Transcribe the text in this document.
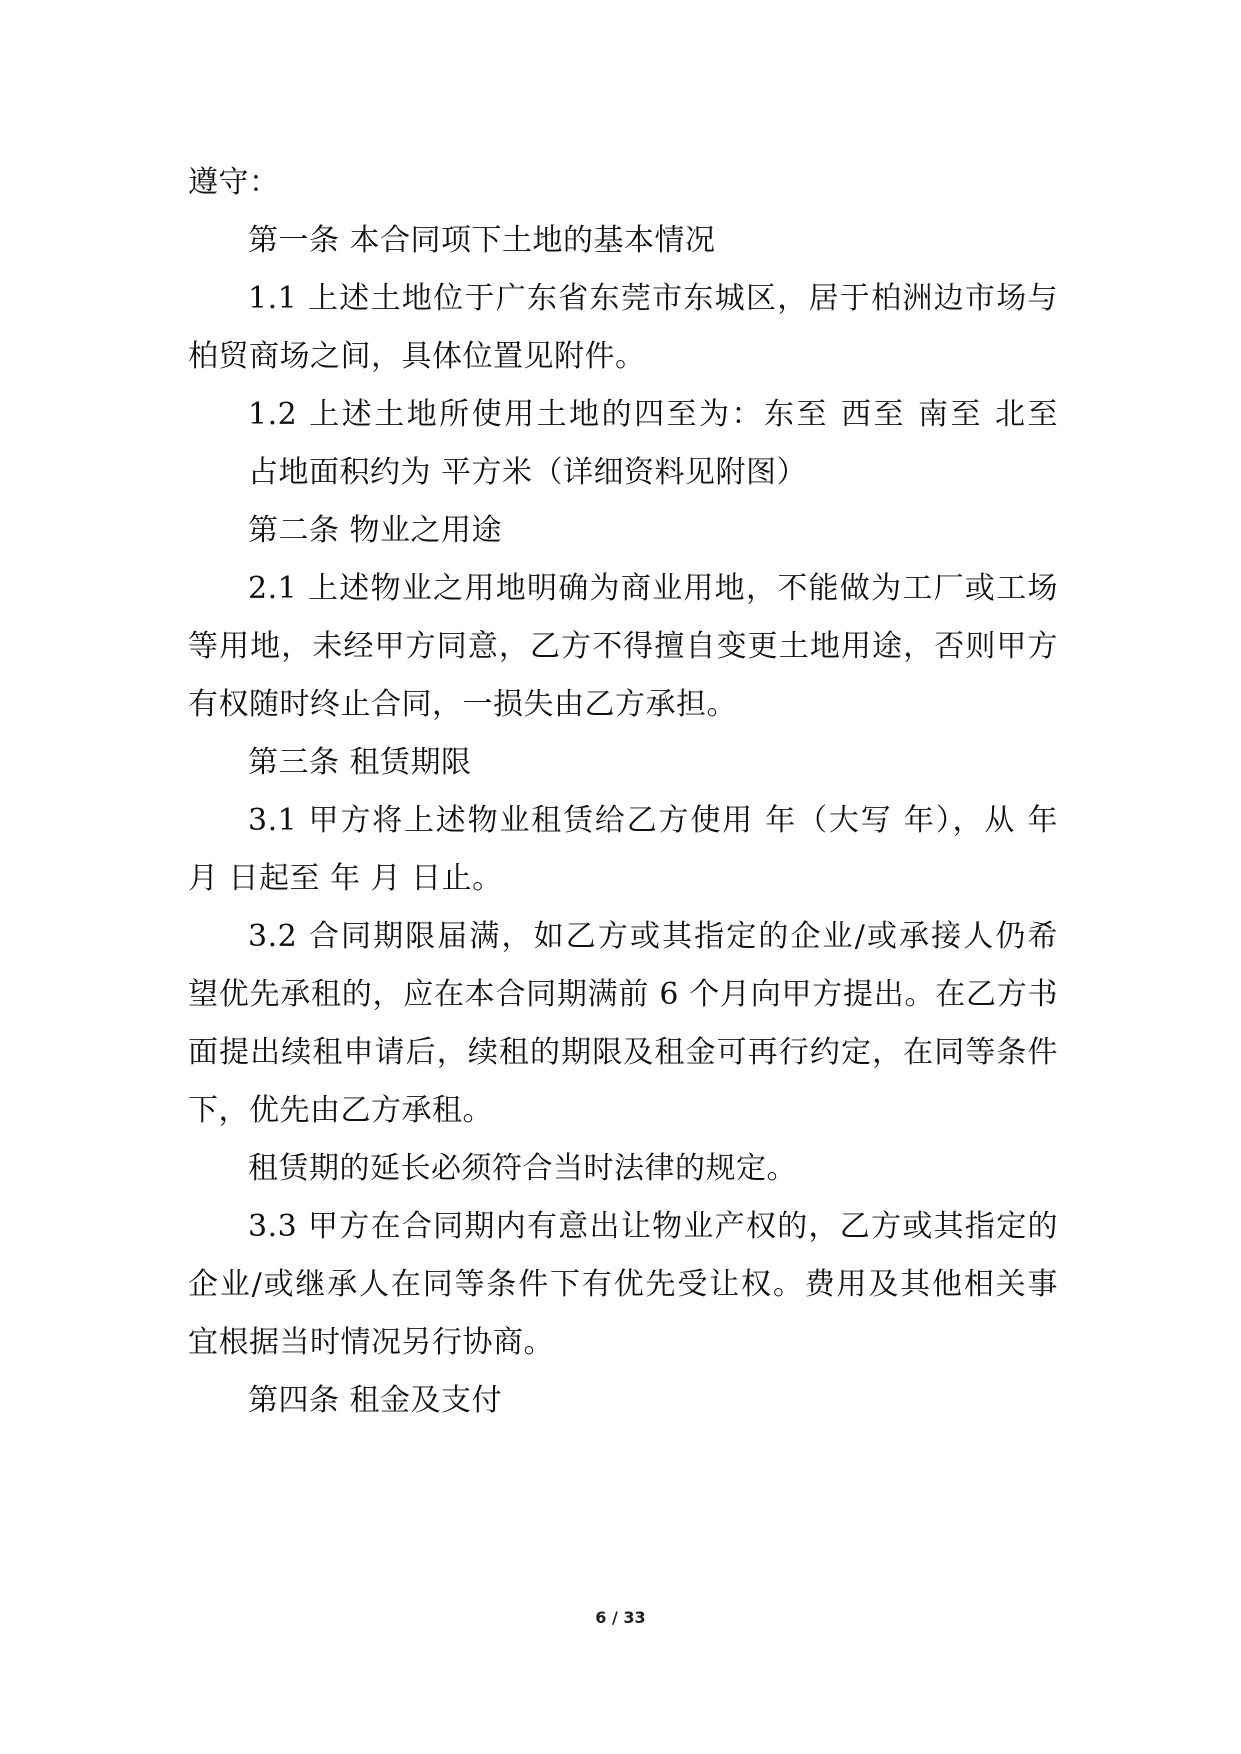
遵守：
第一条 本合同项下土地的基本情况
1.1 上述土地位于广东省东莞市东城区，居于柏洲边市场与
柏贸商场之间，具体位置见附件。
1.2 上述土地所使用土地的四至为：东至 西至 南至 北至
占地面积约为 平方米（详细资料见附图）
第二条 物业之用途
2.1 上述物业之用地明确为商业用地，不能做为工厂或工场
等用地，未经甲方同意，乙方不得擅自变更土地用途，否则甲方
有权随时终止合同，一损失由乙方承担。
第三条 租赁期限
3.1 甲方将上述物业租赁给乙方使用 年（大写 年），从 年
月 日起至 年 月 日止。
3.2 合同期限届满，如乙方或其指定的企业/或承接人仍希
望优先承租的，应在本合同期满前 6 个月向甲方提出。在乙方书
面提出续租申请后，续租的期限及租金可再行约定，在同等条件
下，优先由乙方承租。
租赁期的延长必须符合当时法律的规定。
3.3 甲方在合同期内有意出让物业产权的，乙方或其指定的
企业/或继承人在同等条件下有优先受让权。费用及其他相关事
宜根据当时情况另行协商。
第四条 租金及支付
6 / 33
